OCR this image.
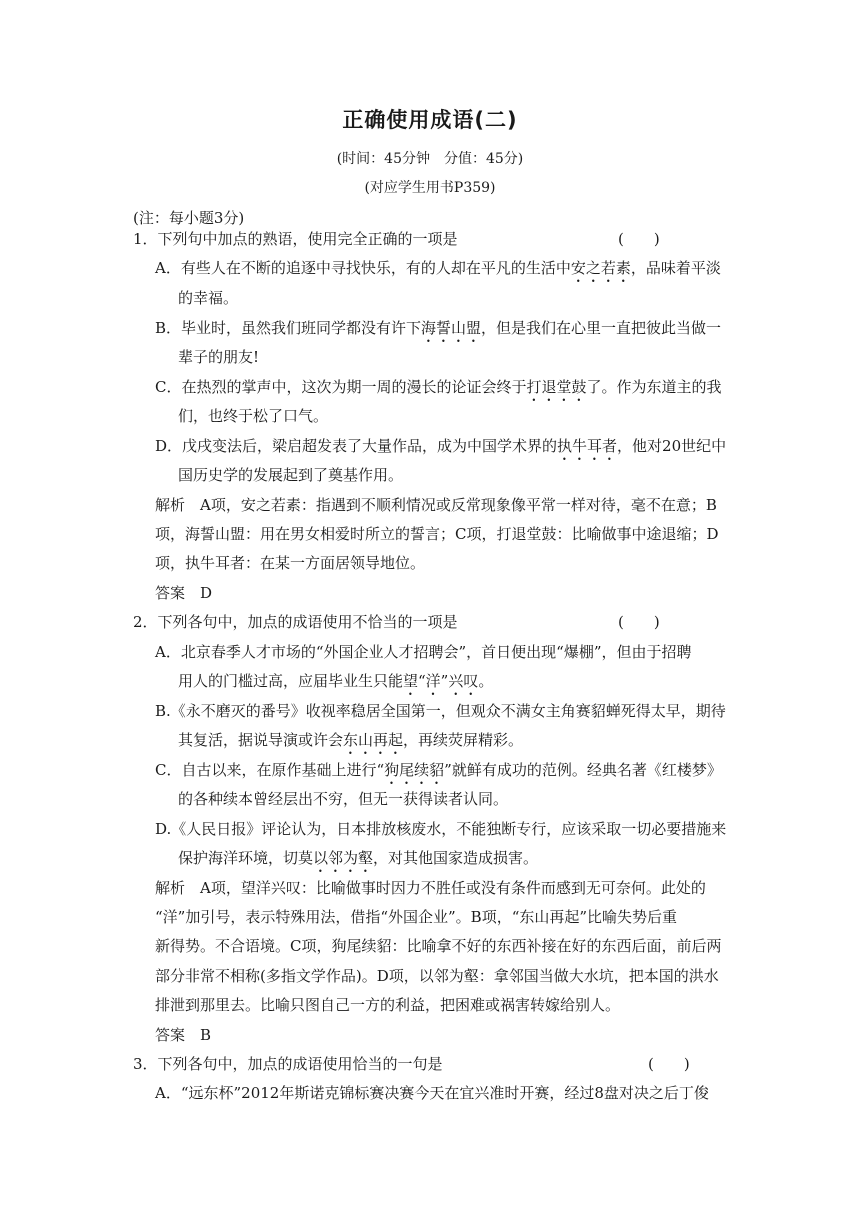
正确使用成语(二)
(时间：45分钟　分值：45分)
(对应学生用书P359)
(注：每小题3分)
1．下列句中加点的熟语，使用完全正确的一项是	(　　)
A．有些人在不断的追逐中寻找快乐，有的人却在平凡的生活中安之若素，品味着平淡
的幸福。
B．毕业时，虽然我们班同学都没有许下海誓山盟，但是我们在心里一直把彼此当做一
辈子的朋友!
C．在热烈的掌声中，这次为期一周的漫长的论证会终于打退堂鼓了。作为东道主的我
们，也终于松了口气。
D．戊戌变法后，梁启超发表了大量作品，成为中国学术界的执牛耳者，他对20世纪中
国历史学的发展起到了奠基作用。
解析　A项，安之若素：指遇到不顺利情况或反常现象像平常一样对待，毫不在意；B
项，海誓山盟：用在男女相爱时所立的誓言；C项，打退堂鼓：比喻做事中途退缩；D
项，执牛耳者：在某一方面居领导地位。
答案　D
2．下列各句中，加点的成语使用不恰当的一项是	(　　)
A．北京春季人才市场的“外国企业人才招聘会”，首日便出现“爆棚”，但由于招聘
用人的门槛过高，应届毕业生只能望“洋”兴叹。
B.《永不磨灭的番号》收视率稳居全国第一，但观众不满女主角赛貂蝉死得太早，期待
其复活，据说导演或许会东山再起，再续荧屏精彩。
C．自古以来，在原作基础上进行“狗尾续貂”就鲜有成功的范例。经典名著《红楼梦》
的各种续本曾经层出不穷，但无一获得读者认同。
D.《人民日报》评论认为，日本排放核废水，不能独断专行，应该采取一切必要措施来
保护海洋环境，切莫以邻为壑，对其他国家造成损害。
解析　A项，望洋兴叹：比喻做事时因力不胜任或没有条件而感到无可奈何。此处的
“洋”加引号，表示特殊用法，借指“外国企业”。B项，“东山再起”比喻失势后重
新得势。不合语境。C项，狗尾续貂：比喻拿不好的东西补接在好的东西后面，前后两
部分非常不相称(多指文学作品)。D项，以邻为壑：拿邻国当做大水坑，把本国的洪水
排泄到那里去。比喻只图自己一方的利益，把困难或祸害转嫁给别人。
答案　B
3．下列各句中，加点的成语使用恰当的一句是	(　　)
A．“远东杯”2012年斯诺克锦标赛决赛今天在宜兴准时开赛，经过8盘对决之后丁俊
